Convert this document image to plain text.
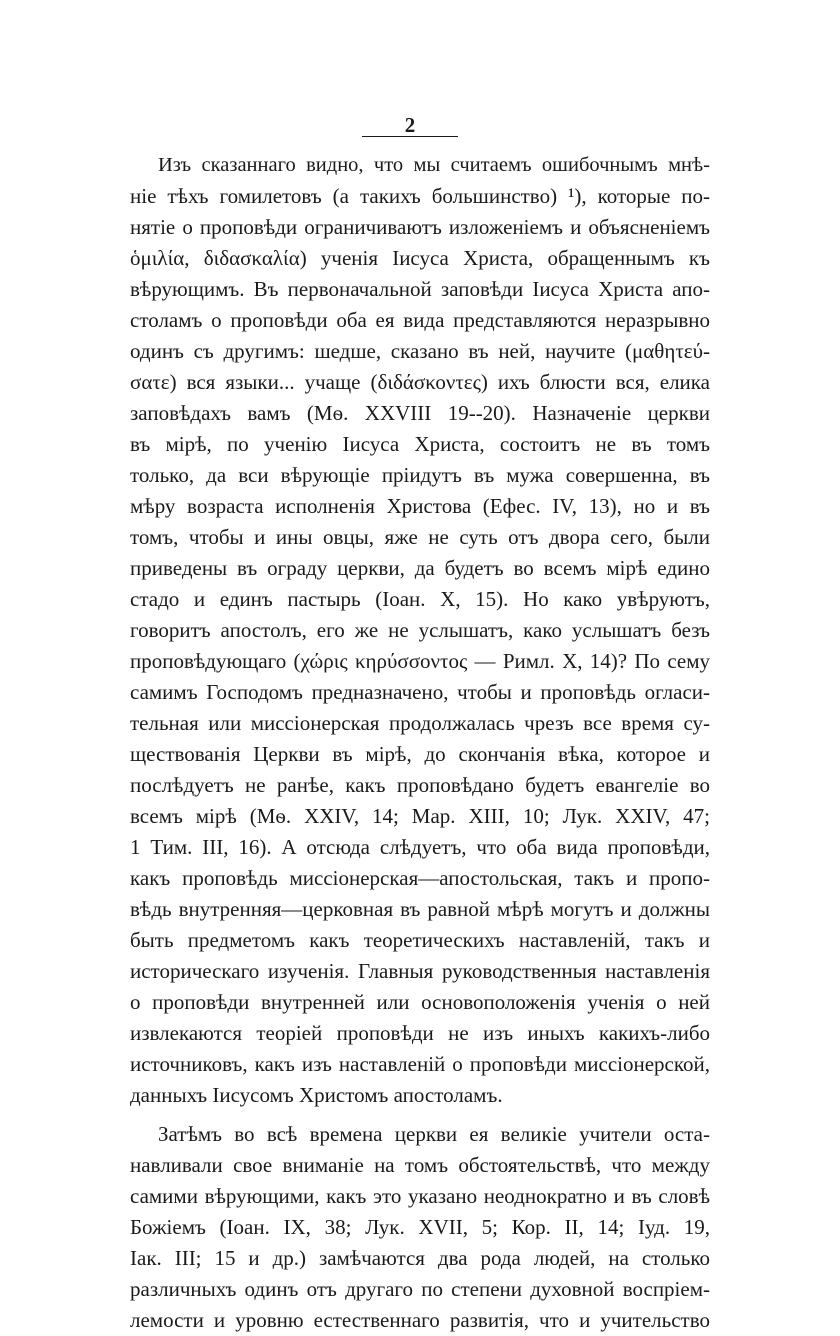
2
Изъ сказаннаго видно, что мы считаемъ ошибочнымъ мнѣ-
ніе тѣхъ гомилетовъ (а такихъ большинство) ¹), которые по-
нятіе о проповѣди ограничиваютъ изложеніемъ и объясненіемъ
ὁμιλία, διδασκαλία) ученія Іисуса Христа, обращеннымъ къ
вѣрующимъ. Въ первоначальной заповѣди Іисуса Христа апо-
столамъ о проповѣди оба ея вида представляются неразрывно
одинъ съ другимъ: шедше, сказано въ ней, научите (μαθητεύ-
σατε) вся языки... учаще (διδάσκοντες) ихъ блюсти вся, елика
заповѣдахъ вамъ (Мѳ. XXVIII 19--20). Назначеніе церкви
въ мірѣ, по ученію Іисуса Христа, состоитъ не въ томъ
только, да вси вѣрующіе пріидутъ въ мужа совершенна, въ
мѣру возраста исполненія Христова (Ефес. IV, 13), но и въ
томъ, чтобы и ины овцы, яже не суть отъ двора сего, были
приведены въ ограду церкви, да будетъ во всемъ мірѣ едино
стадо и единъ пастырь (Іоан. X, 15). Но како увѣруютъ,
говоритъ апостолъ, его же не услышатъ, како услышатъ безъ
проповѣдующаго (χώρις κηρύσσοντος — Римл. X, 14)? По сему
самимъ Господомъ предназначено, чтобы и проповѣдь огласи-
тельная или миссіонерская продолжалась чрезъ все время су-
ществованія Церкви въ мірѣ, до скончанія вѣка, которое и
послѣдуетъ не ранѣе, какъ проповѣдано будетъ евангеліе во
всемъ мірѣ (Мѳ. XXIV, 14; Мар. XIII, 10; Лук. XXIV, 47;
1 Тим. III, 16). А отсюда слѣдуетъ, что оба вида проповѣди,
какъ проповѣдь миссіонерская—апостольская, такъ и пропо-
вѣдь внутренняя—церковная въ равной мѣрѣ могутъ и должны
быть предметомъ какъ теоретическихъ наставленій, такъ и
историческаго изученія. Главныя руководственныя наставленія
о проповѣди внутренней или основоположенія ученія о ней
извлекаются теоріей проповѣди не изъ иныхъ какихъ-либо
источниковъ, какъ изъ наставленій о проповѣди миссіонерской,
данныхъ Іисусомъ Христомъ апостоламъ.
Затѣмъ во всѣ времена церкви ея великіе учители оста-
навливали свое вниманіе на томъ обстоятельствѣ, что между
самими вѣрующими, какъ это указано неоднократно и въ словѣ
Божіемъ (Іоан. IX, 38; Лук. XVII, 5; Кор. II, 14; Іуд. 19,
Іак. III; 15 и др.) замѣчаются два рода людей, на столько
различныхъ одинъ отъ другаго по степени духовной воспріем-
лемости и уровню естественнаго развитія, что и учительство
